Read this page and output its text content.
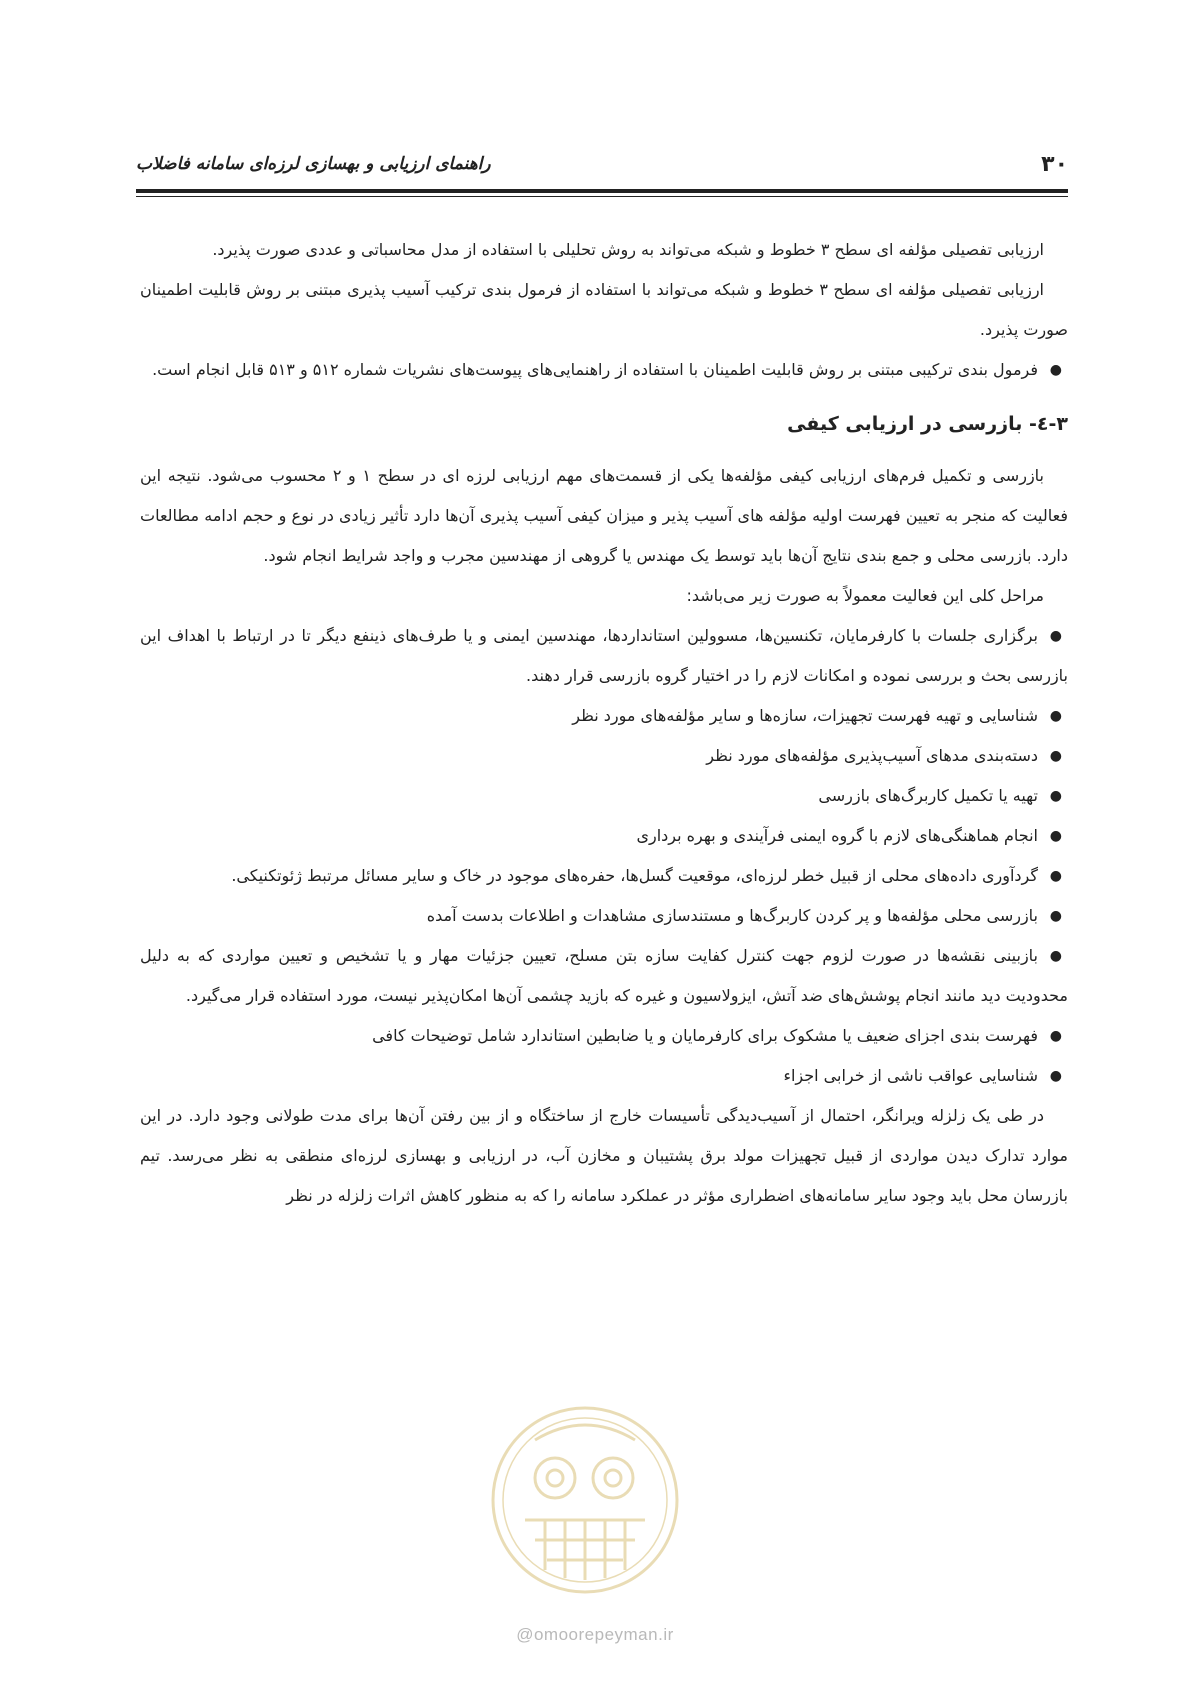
۳۰
راهنمای ارزیابی و بهسازی لرزه‌ای سامانه فاضلاب

ارزیابی تفصیلی مؤلفه ای سطح ۳ خطوط و شبکه می‌تواند به روش تحلیلی با استفاده از مدل محاسباتی و عددی صورت پذیرد.

ارزیابی تفصیلی مؤلفه ای سطح ۳ خطوط و شبکه می‌تواند با استفاده از فرمول بندی ترکیب آسیب پذیری مبتنی بر روش قابلیت اطمینان صورت پذیرد.

●
فرمول بندی ترکیبی مبتنی بر روش قابلیت اطمینان با استفاده از راهنمایی‌های پیوست‌های نشریات شماره ۵۱۲ و ۵۱۳ قابل انجام است.

۳-٤- بازرسی در ارزیابی کیفی

بازرسی و تکمیل فرم‌های ارزیابی کیفی مؤلفه‌ها یکی از قسمت‌های مهم ارزیابی لرزه ای در سطح ۱ و ۲ محسوب می‌شود. نتیجه این فعالیت که منجر به تعیین فهرست اولیه مؤلفه های آسیب پذیر و میزان کیفی آسیب پذیری آن‌ها دارد تأثیر زیادی در نوع و حجم ادامه مطالعات دارد. بازرسی محلی و جمع بندی نتایج آن‌ها باید توسط یک مهندس یا گروهی از مهندسین مجرب و واجد شرایط انجام شود.

مراحل کلی این فعالیت معمولاً به صورت زیر می‌باشد:

●
برگزاری جلسات با کارفرمایان، تکنسین‌ها، مسوولین استانداردها، مهندسین ایمنی و یا طرف‌های ذینفع دیگر تا در ارتباط با اهداف این بازرسی بحث و بررسی نموده و امکانات لازم را در اختیار گروه بازرسی قرار دهند.

●
شناسایی و تهیه فهرست تجهیزات، سازه‌ها و سایر مؤلفه‌های مورد نظر

●
دسته‌بندی مدهای آسیب‌پذیری مؤلفه‌های مورد نظر

●
تهیه یا تکمیل کاربرگ‌های بازرسی

●
انجام هماهنگی‌های لازم با گروه ایمنی فرآیندی و بهره برداری

●
گردآوری داده‌های محلی از قبیل خطر لرزه‌ای، موقعیت گسل‌ها، حفره‌های موجود در خاک و سایر مسائل مرتبط ژئوتکنیکی.

●
بازرسی محلی مؤلفه‌ها و پر کردن کاربرگ‌ها و مستندسازی مشاهدات و اطلاعات بدست آمده

●
بازبینی نقشه‌ها در صورت لزوم جهت کنترل کفایت سازه بتن مسلح، تعیین جزئیات مهار و یا تشخیص و تعیین مواردی که به دلیل محدودیت دید مانند انجام پوشش‌های ضد آتش، ایزولاسیون و غیره که بازید چشمی آن‌ها امکان‌پذیر نیست، مورد استفاده قرار می‌گیرد.

●
فهرست بندی اجزای ضعیف یا مشکوک برای کارفرمایان و یا ضابطین استاندارد شامل توضیحات کافی

●
شناسایی عواقب ناشی از خرابی اجزاء

در طی یک زلزله ویرانگر، احتمال از آسیب‌دیدگی تأسیسات خارج از ساختگاه و از بین رفتن آن‌ها برای مدت طولانی وجود دارد. در این موارد تدارک دیدن مواردی از قبیل تجهیزات مولد برق پشتیبان و مخازن آب، در ارزیابی و بهسازی لرزه‌ای منطقی به نظر می‌رسد. تیم بازرسان محل باید وجود سایر سامانه‌های اضطراری مؤثر در عملکرد سامانه را که به منظور کاهش اثرات زلزله در نظر

@omoorepeyman.ir
